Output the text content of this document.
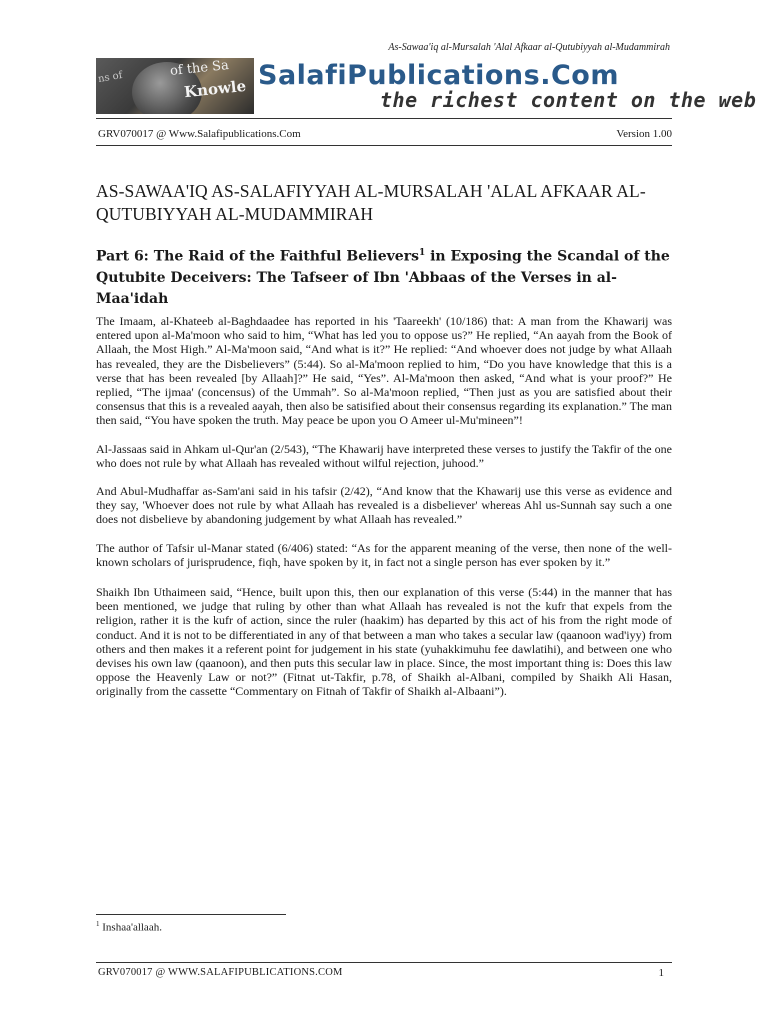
As-Sawaa'iq al-Mursalah 'Alal Afkaar al-Qutubiyyah al-Mudammirah
ns of	of the Sa
Knowle SalafiPublications.Com
the richest content on the web
GRV070017 @ Www.Salafipublications.Com	Version 1.00
AS-SAWAA'IQ AS-SALAFIYYAH AL-MURSALAH 'ALAL AFKAAR AL-QUTUBIYYAH AL-MUDAMMIRAH
Part 6: The Raid of the Faithful Believers$^1$ in Exposing the Scandal of the Qutubite Deceivers: The Tafseer of Ibn 'Abbaas of the Verses in al-Maa'idah

The Imaam, al-Khateeb al-Baghdaadee has reported in his 'Taareekh' (10/186) that: A man from the Khawarij was entered upon al-Ma'moon who said to him, “What has led you to oppose us?” He replied, “An aayah from the Book of Allaah, the Most High.” Al-Ma'moon said, “And what is it?” He replied: “And whoever does not judge by what Allaah has revealed, they are the Disbelievers” (5:44). So al-Ma'moon replied to him, “Do you have knowledge that this is a verse that has been revealed [by Allaah]?” He said, “Yes”. Al-Ma'moon then asked, “And what is your proof?” He replied, “The ijmaa' (concensus) of the Ummah”. So al-Ma'moon replied, “Then just as you are satisfied about their consensus that this is a revealed aayah, then also be satisified about their consensus regarding its explanation.” The man then said, “You have spoken the truth. May peace be upon you O Ameer ul-Mu'mineen”!

Al-Jassaas said in Ahkam ul-Qur'an (2/543), “The Khawarij have interpreted these verses to justify the Takfir of the one who does not rule by what Allaah has revealed without wilful rejection, juhood.”

And Abul-Mudhaffar as-Sam'ani said in his tafsir (2/42), “And know that the Khawarij use this verse as evidence and they say, 'Whoever does not rule by what Allaah has revealed is a disbeliever' whereas Ahl us-Sunnah say such a one does not disbelieve by abandoning judgement by what Allaah has revealed.”

The author of Tafsir ul-Manar stated (6/406) stated: “As for the apparent meaning of the verse, then none of the well-known scholars of jurisprudence, fiqh, have spoken by it, in fact not a single person has ever spoken by it.”

Shaikh Ibn Uthaimeen said, “Hence, built upon this, then our explanation of this verse (5:44) in the manner that has been mentioned, we judge that ruling by other than what Allaah has revealed is not the kufr that expels from the religion, rather it is the kufr of action, since the ruler (haakim) has departed by this act of his from the right mode of conduct. And it is not to be differentiated in any of that between a man who takes a secular law (qaanoon wad'iyy) from others and then makes it a referent point for judgement in his state (yuhakkimuhu fee dawlatihi), and between one who devises his own law (qaanoon), and then puts this secular law in place. Since, the most important thing is: Does this law oppose the Heavenly Law or not?” (Fitnat ut-Takfir, p.78, of Shaikh al-Albani, compiled by Shaikh Ali Hasan, originally from the cassette “Commentary on Fitnah of Takfir of Shaikh al-Albaani”).

$^1$ Inshaa'allaah.
GRV070017 @ WWW.SALAFIPUBLICATIONS.COM	1
